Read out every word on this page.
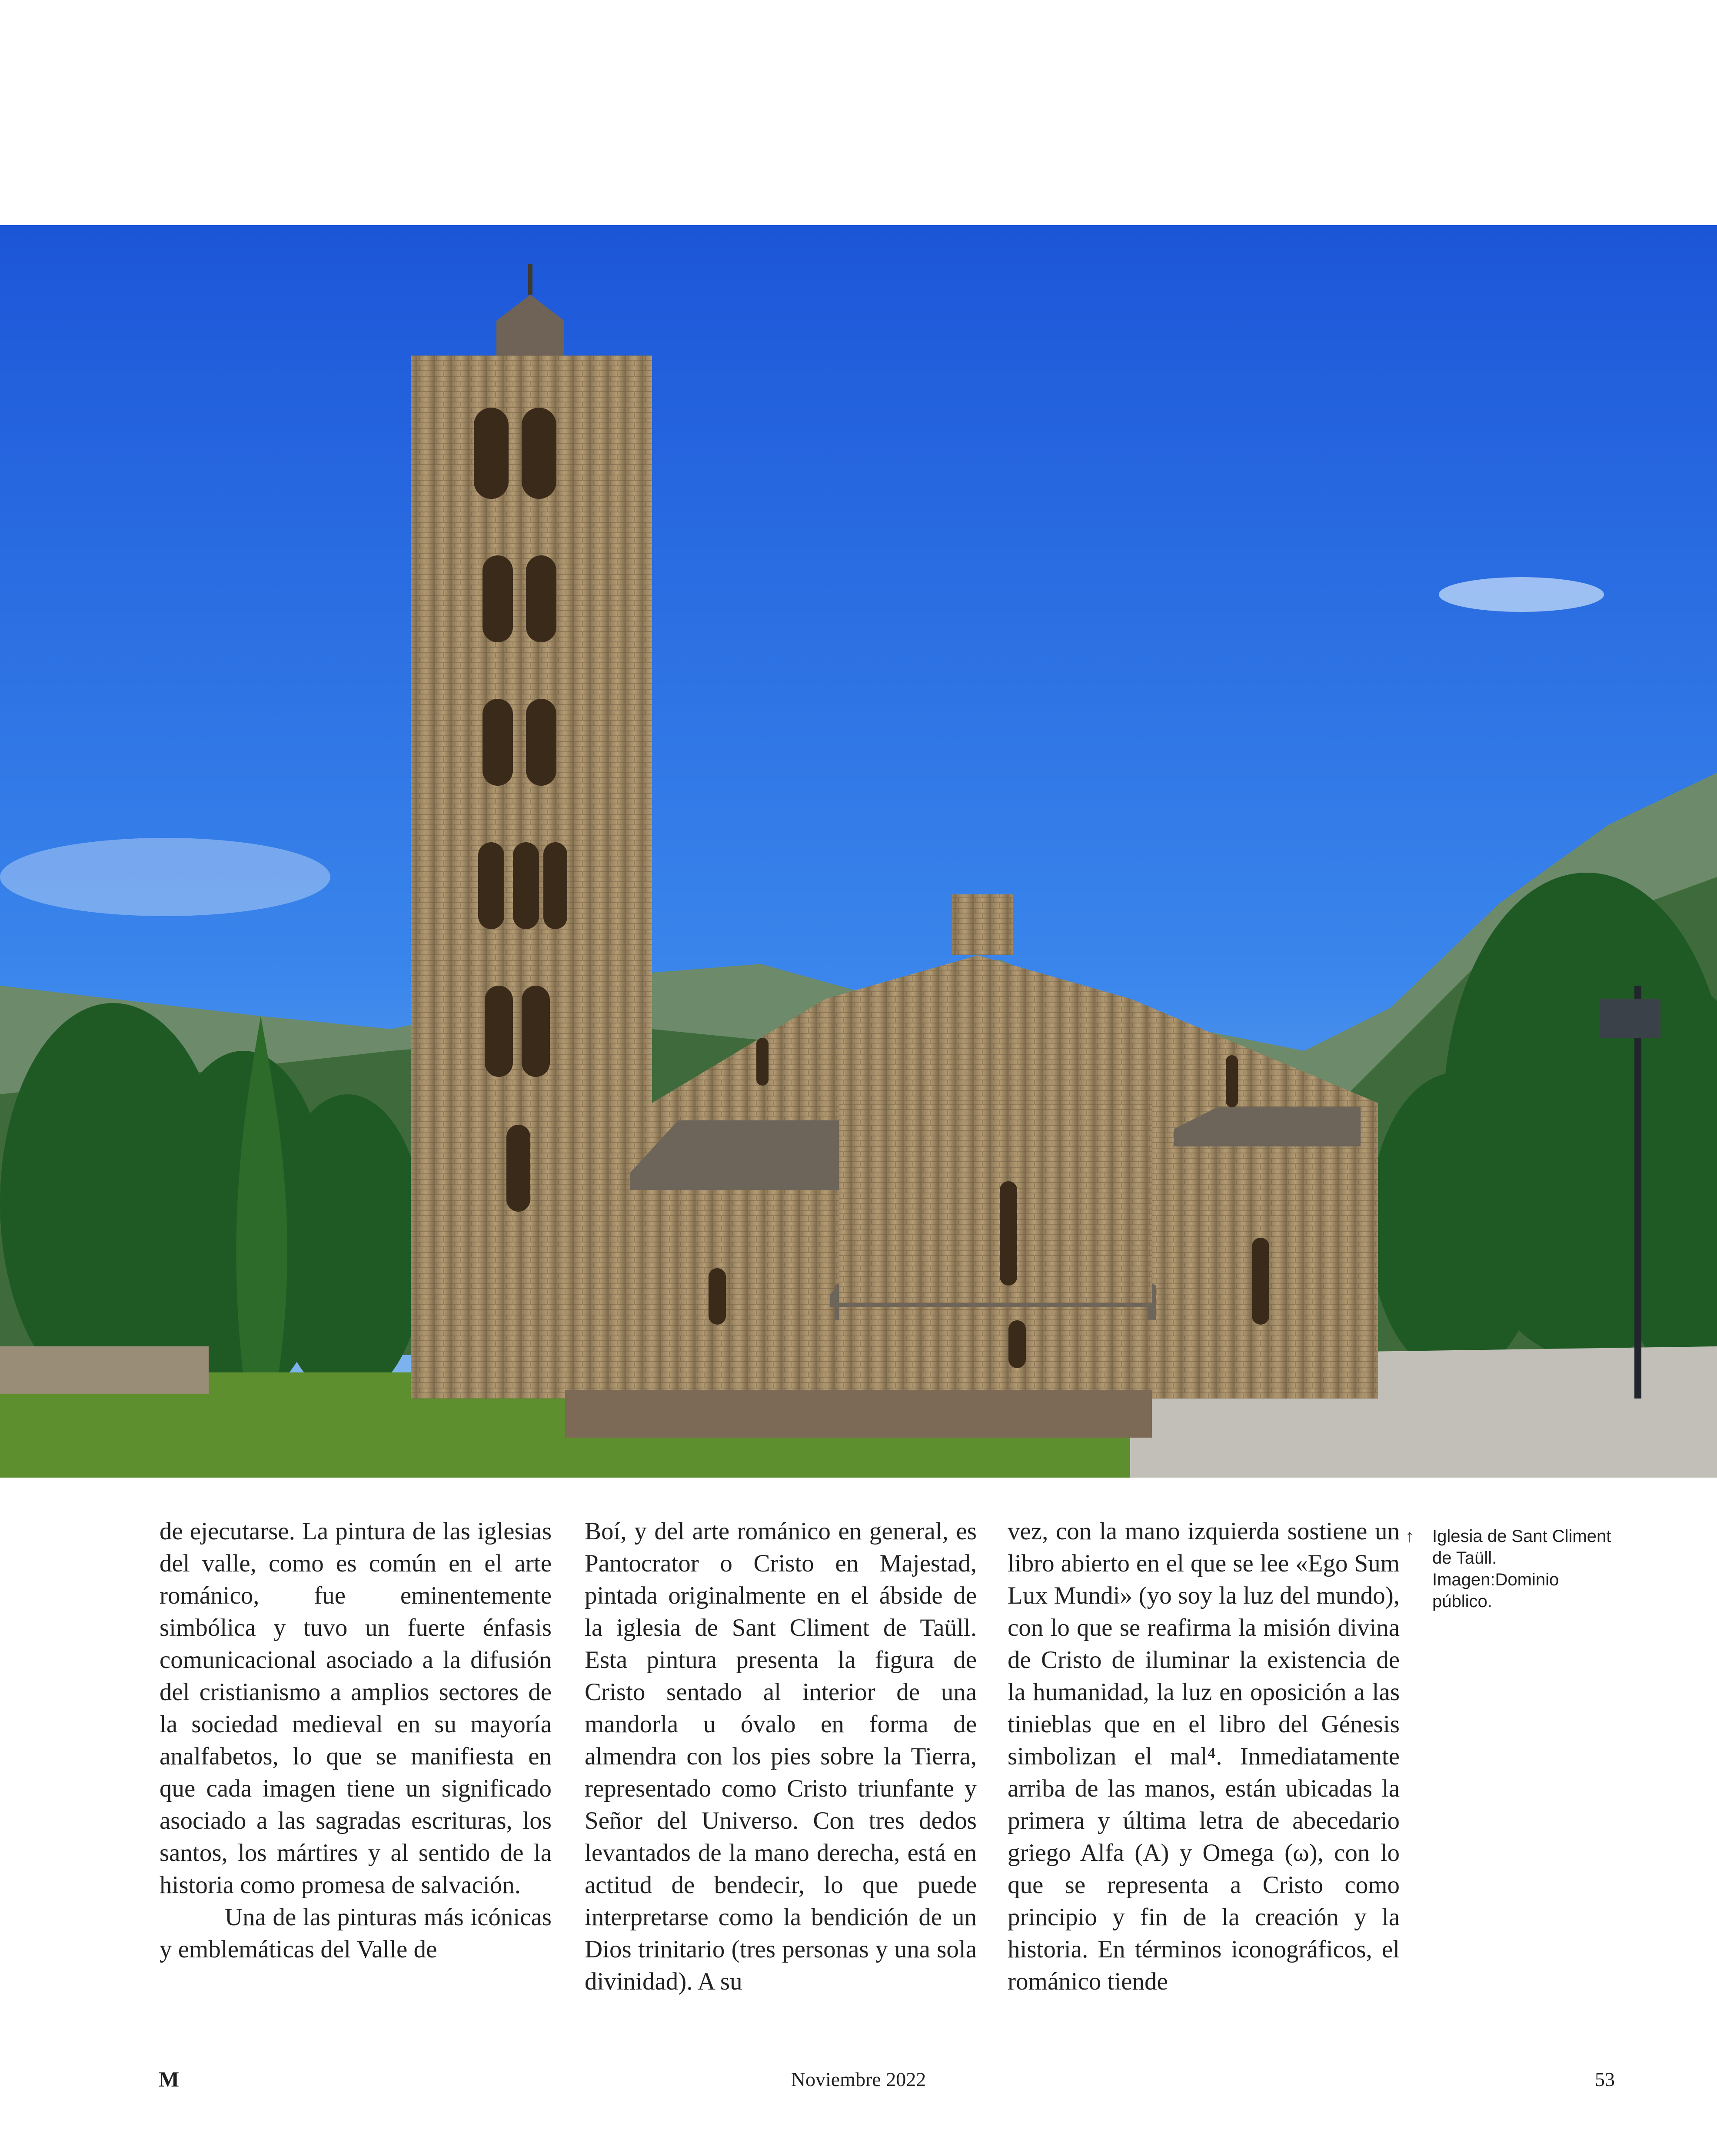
de ejecutarse. La pintura de las iglesias del valle, como es común en el arte románico, fue eminentemente simbólica y tuvo un fuerte énfasis comunicacional asociado a la difusión del cristianismo a amplios sectores de la sociedad medieval en su mayoría analfabetos, lo que se manifiesta en que cada imagen tiene un significado asociado a las sagradas escrituras, los santos, los mártires y al sentido de la historia como promesa de salvación.

Una de las pinturas más icónicas y emblemáticas del Valle de

Boí, y del arte románico en general, es Pantocrator o Cristo en Majestad, pintada originalmente en el ábside de la iglesia de Sant Climent de Taüll. Esta pintura presenta la figura de Cristo sentado al interior de una mandorla u óvalo en forma de almendra con los pies sobre la Tierra, representado como Cristo triunfante y Señor del Universo. Con tres dedos levantados de la mano derecha, está en actitud de bendecir, lo que puede interpretarse como la bendición de un Dios trinitario (tres personas y una sola divinidad). A su

vez, con la mano izquierda sostiene un libro abierto en el que se lee «Ego Sum Lux Mundi» (yo soy la luz del mundo), con lo que se reafirma la misión divina de Cristo de iluminar la existencia de la humanidad, la luz en oposición a las tinieblas que en el libro del Génesis simbolizan el mal⁴. Inmediatamente arriba de las manos, están ubicadas la primera y última letra de abecedario griego Alfa (A) y Omega (ω), con lo que se representa a Cristo como principio y fin de la creación y la historia. En términos iconográficos, el románico tiende

↑ Iglesia de Sant Climent de Taüll. Imagen:Dominio público.
M	Noviembre 2022	53
